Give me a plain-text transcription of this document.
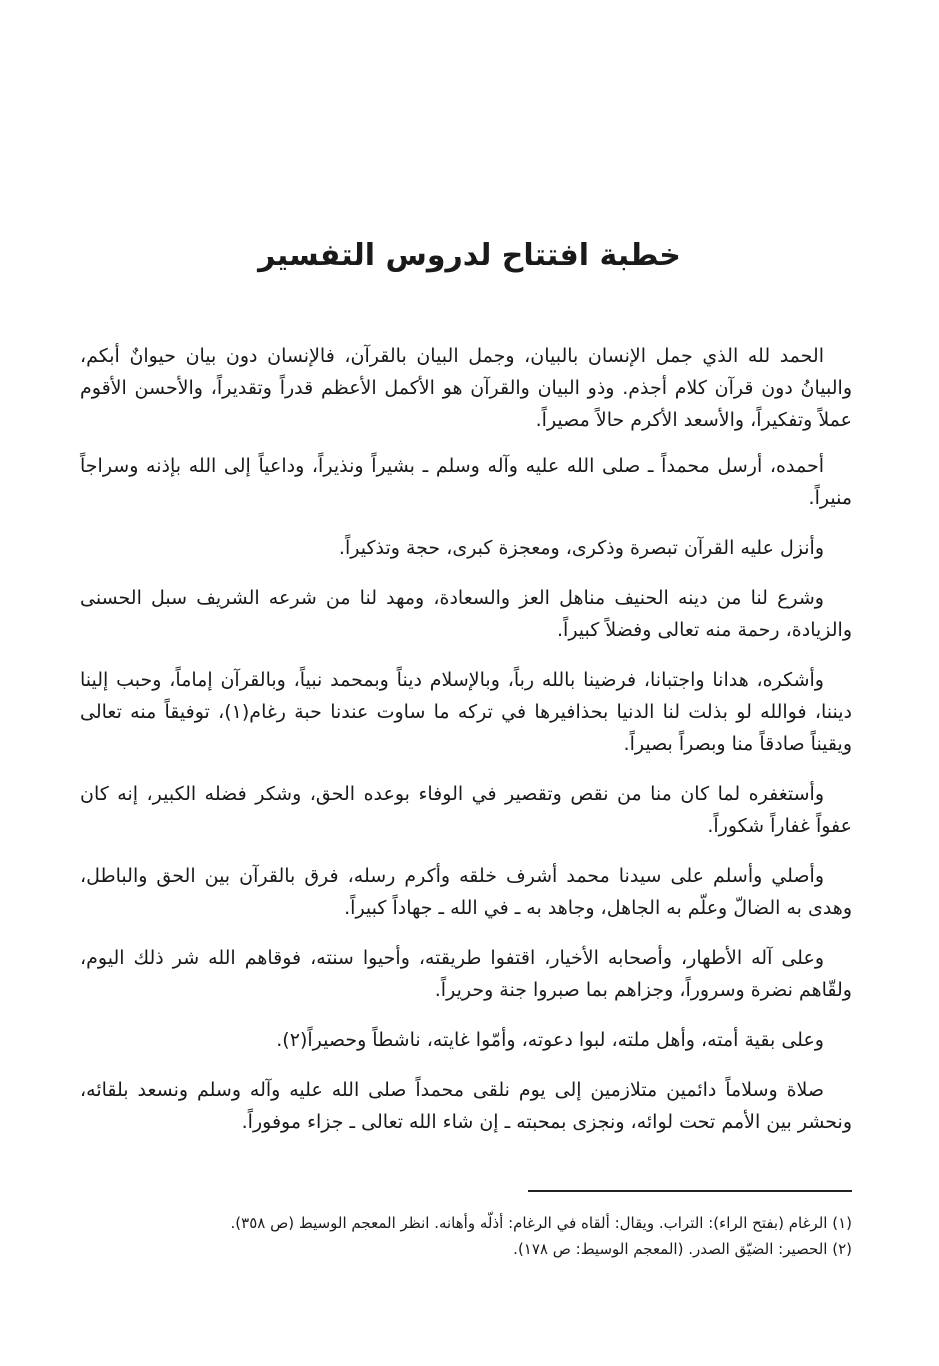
خطبة افتتاح لدروس التفسير

الحمد لله الذي جمل الإنسان بالبيان، وجمل البيان بالقرآن، فالإنسان دون بيان حيوانٌ أبكم، والبيانُ دون قرآن كلام أجذم. وذو البيان والقرآن هو الأكمل الأعظم قدراً وتقديراً، والأحسن الأقوم عملاً وتفكيراً، والأسعد الأكرم حالاً مصيراً.

أحمده، أرسل محمداً ـ صلى الله عليه وآله وسلم ـ بشيراً ونذيراً، وداعياً إلى الله بإذنه وسراجاً منيراً.

وأنزل عليه القرآن تبصرة وذكرى، ومعجزة كبرى، حجة وتذكيراً.

وشرع لنا من دينه الحنيف مناهل العز والسعادة، ومهد لنا من شرعه الشريف سبل الحسنى والزيادة، رحمة منه تعالى وفضلاً كبيراً.

وأشكره، هدانا واجتبانا، فرضينا بالله رباً، وبالإسلام ديناً وبمحمد نبياً، وبالقرآن إماماً، وحبب إلينا ديننا، فوالله لو بذلت لنا الدنيا بحذافيرها في تركه ما ساوت عندنا حبة رغام(١)، توفيقاً منه تعالى ويقيناً صادقاً منا وبصراً بصيراً.

وأستغفره لما كان منا من نقص وتقصير في الوفاء بوعده الحق، وشكر فضله الكبير، إنه كان عفواً غفاراً شكوراً.

وأصلي وأسلم على سيدنا محمد أشرف خلقه وأكرم رسله، فرق بالقرآن بين الحق والباطل، وهدى به الضالّ وعلّم به الجاهل، وجاهد به ـ في الله ـ جهاداً كبيراً.

وعلى آله الأطهار، وأصحابه الأخيار، اقتفوا طريقته، وأحيوا سنته، فوقاهم الله شر ذلك اليوم، ولقّاهم نضرة وسروراً، وجزاهم بما صبروا جنة وحريراً.

وعلى بقية أمته، وأهل ملته، لبوا دعوته، وأمّوا غايته، ناشطاً وحصيراً(٢).

صلاة وسلاماً دائمين متلازمين إلى يوم نلقى محمداً صلى الله عليه وآله وسلم ونسعد بلقائه، ونحشر بين الأمم تحت لوائه، ونجزى بمحبته ـ إن شاء الله تعالى ـ جزاء موفوراً.

(١) الرغام (بفتح الراء): التراب. ويقال: ألقاه في الرغام: أذلّه وأهانه. انظر المعجم الوسيط (ص ٣٥٨).

(٢) الحصير: الضيّق الصدر. (المعجم الوسيط: ص ١٧٨).
